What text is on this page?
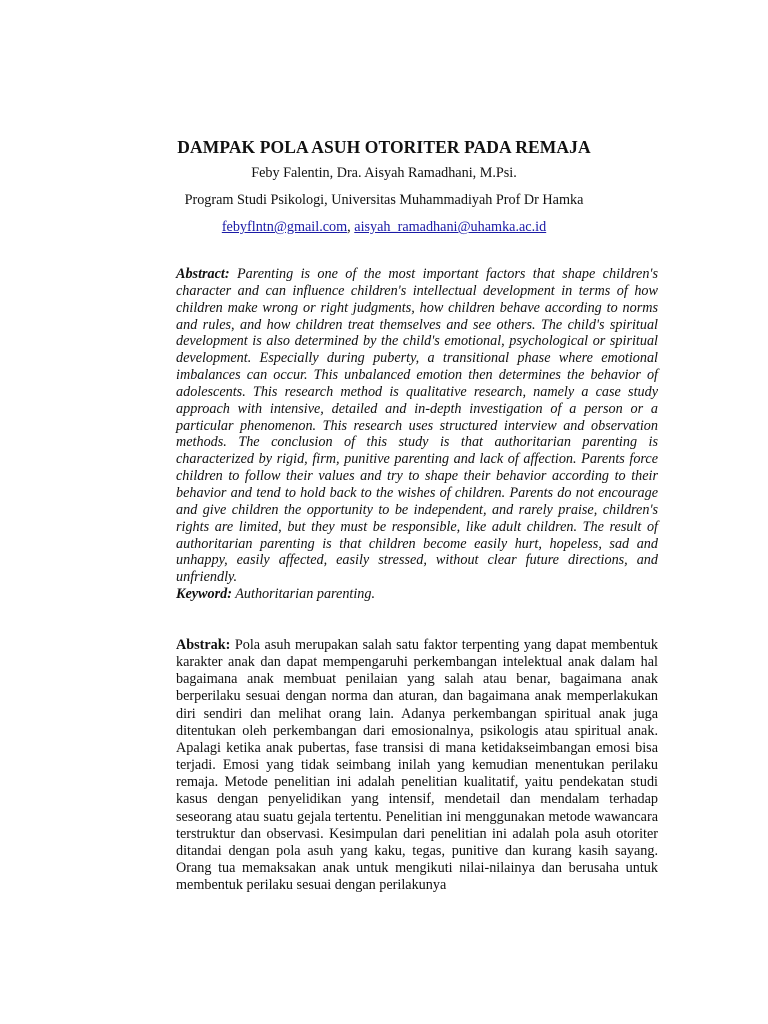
DAMPAK POLA ASUH OTORITER PADA REMAJA
Feby Falentin, Dra. Aisyah Ramadhani, M.Psi.
Program Studi Psikologi, Universitas Muhammadiyah Prof Dr Hamka
febyflntn@gmail.com, aisyah_ramadhani@uhamka.ac.id
Abstract: Parenting is one of the most important factors that shape children's character and can influence children's intellectual development in terms of how children make wrong or right judgments, how children behave according to norms and rules, and how children treat themselves and see others. The child's spiritual development is also determined by the child's emotional, psychological or spiritual development. Especially during puberty, a transitional phase where emotional imbalances can occur. This unbalanced emotion then determines the behavior of adolescents. This research method is qualitative research, namely a case study approach with intensive, detailed and in-depth investigation of a person or a particular phenomenon. This research uses structured interview and observation methods. The conclusion of this study is that authoritarian parenting is characterized by rigid, firm, punitive parenting and lack of affection. Parents force children to follow their values and try to shape their behavior according to their behavior and tend to hold back to the wishes of children. Parents do not encourage and give children the opportunity to be independent, and rarely praise, children's rights are limited, but they must be responsible, like adult children. The result of authoritarian parenting is that children become easily hurt, hopeless, sad and unhappy, easily affected, easily stressed, without clear future directions, and unfriendly.
Keyword: Authoritarian parenting.
Abstrak: Pola asuh merupakan salah satu faktor terpenting yang dapat membentuk karakter anak dan dapat mempengaruhi perkembangan intelektual anak dalam hal bagaimana anak membuat penilaian yang salah atau benar, bagaimana anak berperilaku sesuai dengan norma dan aturan, dan bagaimana anak memperlakukan diri sendiri dan melihat orang lain. Adanya perkembangan spiritual anak juga ditentukan oleh perkembangan dari emosionalnya, psikologis atau spiritual anak. Apalagi ketika anak pubertas, fase transisi di mana ketidakseimbangan emosi bisa terjadi. Emosi yang tidak seimbang inilah yang kemudian menentukan perilaku remaja. Metode penelitian ini adalah penelitian kualitatif, yaitu pendekatan studi kasus dengan penyelidikan yang intensif, mendetail dan mendalam terhadap seseorang atau suatu gejala tertentu. Penelitian ini menggunakan metode wawancara terstruktur dan observasi. Kesimpulan dari penelitian ini adalah pola asuh otoriter ditandai dengan pola asuh yang kaku, tegas, punitive dan kurang kasih sayang. Orang tua memaksakan anak untuk mengikuti nilai-nilainya dan berusaha untuk membentuk perilaku sesuai dengan perilakunya
